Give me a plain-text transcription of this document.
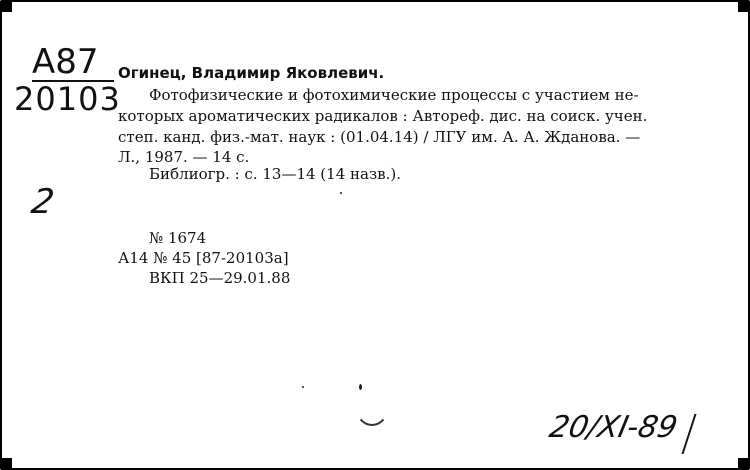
A87
20103
2
Огинец, Владимир Яковлевич.
Фотофизические и фотохимические процессы с участием не-
которых ароматических радикалов : Автореф. дис. на соиск. учен.
степ. канд. физ.-мат. наук : (01.04.14) / ЛГУ им. А. А. Жданова. —
Л., 1987. — 14 с.
Библиогр. : с. 13—14 (14 назв.).
№ 1674
А14 № 45 [87-20103а]
ВКП 25—29.01.88
20/XI-89
